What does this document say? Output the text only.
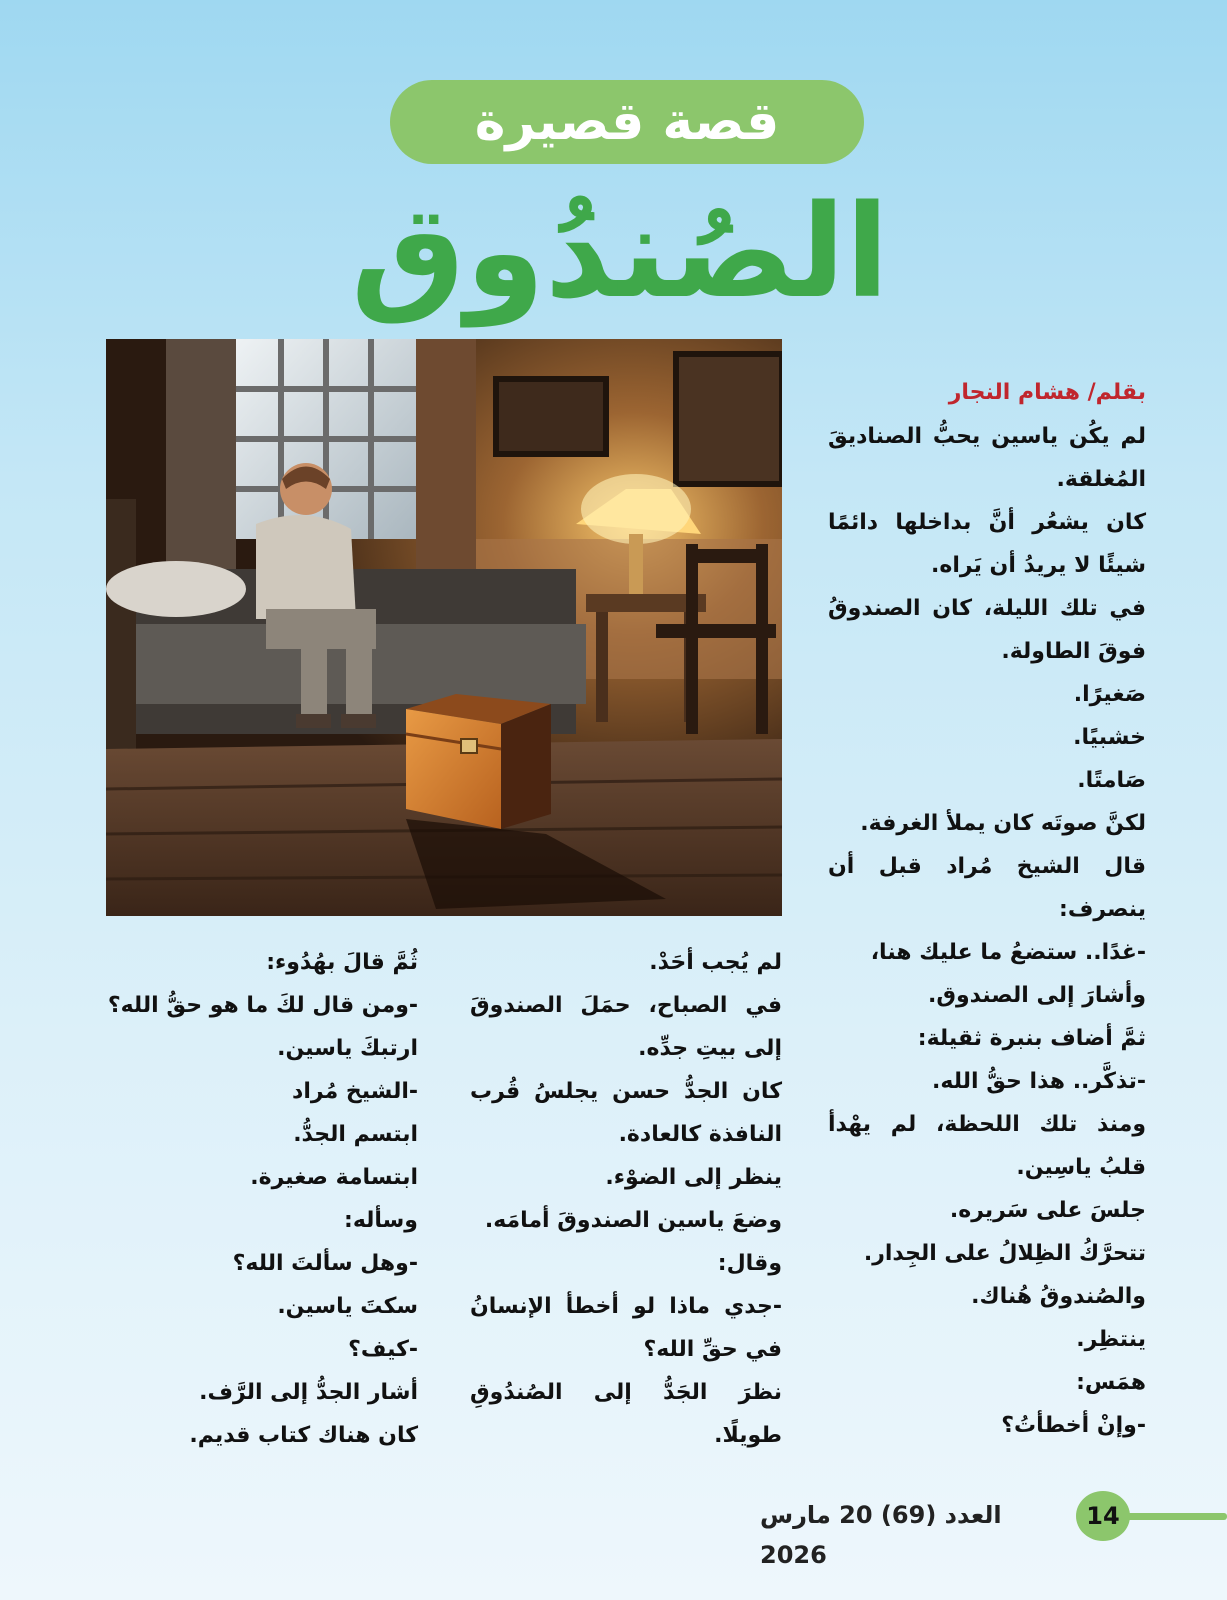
قصة قصيرة
الصُندُوق
بقلم/ هشام النجار

لم يكُن ياسين يحبُّ الصناديقَ المُغلقة.

كان يشعُر أنَّ بداخلها دائمًا شيئًا لا يريدُ أن يَراه.

في تلك الليلة، كان الصندوقُ فوقَ الطاولة.

صَغيرًا.

خشبيًا.

صَامتًا.

لكنَّ صوتَه كان يملأ الغرفة.

قال الشيخ مُراد قبل أن ينصرف:

-غدًا.. ستضعُ ما عليك هنا،

وأشارَ إلى الصندوق.

ثمَّ أضاف بنبرة ثقيلة:

-تذكَّر.. هذا حقُّ الله.

ومنذ تلك اللحظة، لم يهْدأ قلبُ ياسِين.

جلسَ على سَريره.

تتحرَّكُ الظِلالُ على الجِدار.

والصُندوقُ هُناك.

ينتظِر.

همَس:

-وإنْ أخطأتُ؟

لم يُجب أحَدْ.

في الصباح، حمَلَ الصندوقَ إلى بيتِ جدِّه.

كان الجدُّ حسن يجلسُ قُرب النافذة كالعادة.

ينظر إلى الضوْء.

وضعَ ياسين الصندوقَ أمامَه.

وقال:

-جدي ماذا لو أخطأ الإنسانُ في حقِّ الله؟

نظرَ الجَدُّ إلى الصُندُوقِ طويلًا.

ثُمَّ قالَ بهُدُوء:

-ومن قال لكَ ما هو حقُّ الله؟

ارتبكَ ياسين.

-الشيخ مُراد

ابتسم الجدُّ.

ابتسامة صغيرة.

وسأله:

-وهل سألتَ الله؟

سكتَ ياسين.

-كيف؟

أشار الجدُّ إلى الرَّف.

كان هناك كتاب قديم.

14
العدد (69) 20 مارس 2026
